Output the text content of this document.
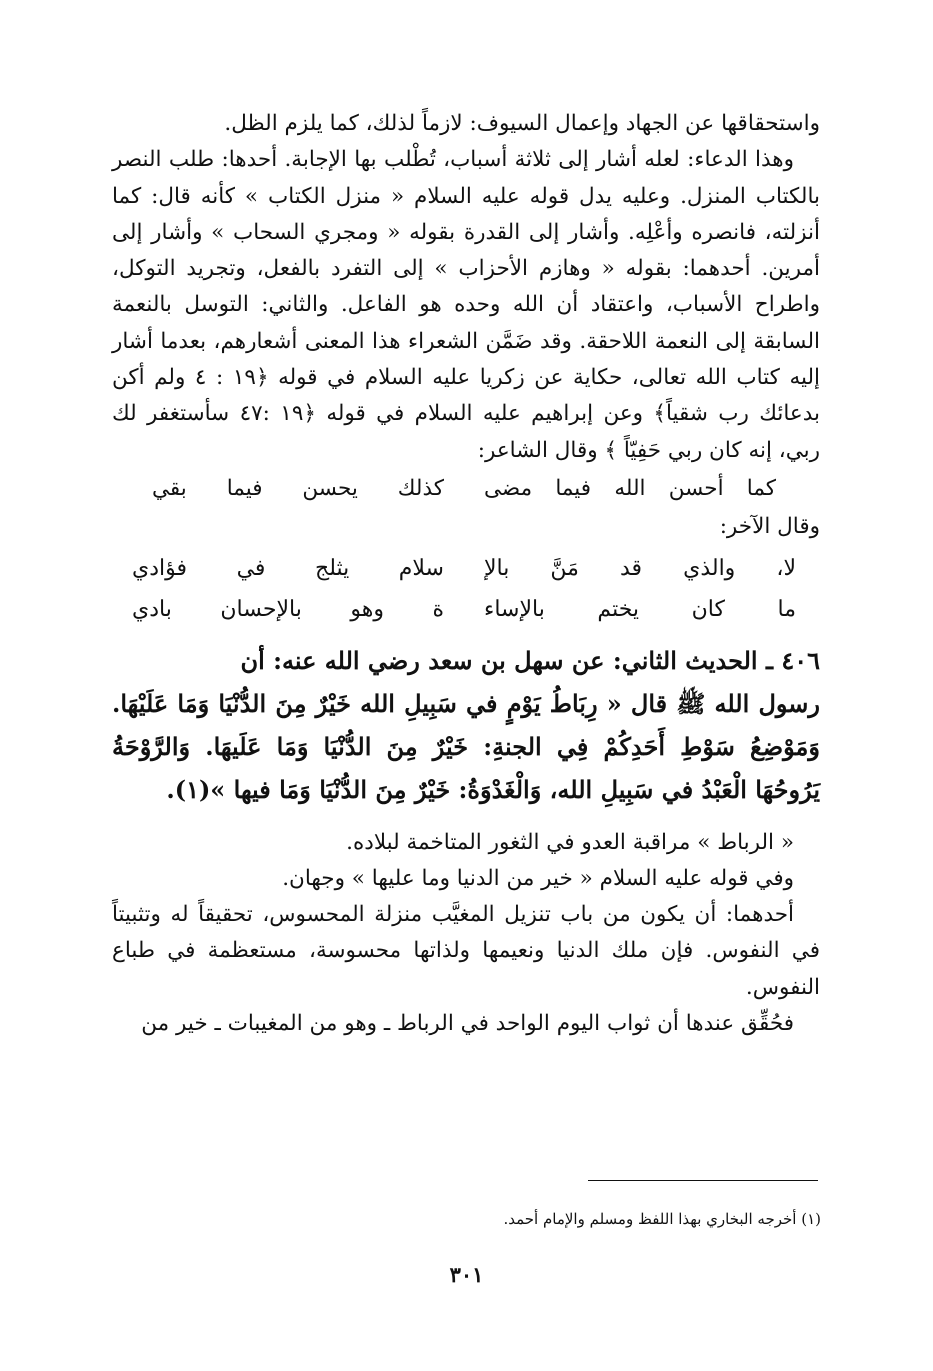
واستحقاقها عن الجهاد وإعمال السيوف: لازماً لذلك، كما يلزم الظل.

وهذا الدعاء: لعله أشار إلى ثلاثة أسباب، تُطْلب بها الإجابة. أحدها: طلب النصر بالكتاب المنزل. وعليه يدل قوله عليه السلام « منزل الكتاب » كأنه قال: كما أنزلته، فانصره وأعْلِه. وأشار إلى القدرة بقوله « ومجري السحاب » وأشار إلى أمرين. أحدهما: بقوله « وهازم الأحزاب » إلى التفرد بالفعل، وتجريد التوكل، واطراح الأسباب، واعتقاد أن الله وحده هو الفاعل. والثاني: التوسل بالنعمة السابقة إلى النعمة اللاحقة. وقد ضَمَّن الشعراء هذا المعنى أشعارهم، بعدما أشار إليه كتاب الله تعالى، حكاية عن زكريا عليه السلام في قوله ﴿١٩ : ٤ ولم أكن بدعائك رب شقياً﴾ وعن إبراهيم عليه السلام في قوله ﴿١٩ :٤٧ سأستغفر لك ربي، إنه كان ربي حَفِيّاً ﴾ وقال الشاعر:

كما أحسن الله فيما مضى
كذلك يحسن فيما بقي

وقال الآخر:

لا، والذي قد مَنَّ بالإ
سلام يثلج في فؤادي
ما كان يختم بالإساء
ة وهو بالإحسان بادي

٤٠٦ ـ الحديث الثاني: عن سهل بن سعد رضي الله عنه: أن

رسول الله ﷺ قال « رِبَاطُ يَوْمٍ في سَبِيلِ الله خَيْرٌ مِنَ الدُّنْيَا وَمَا عَلَيْهَا. وَمَوْضِعُ سَوْطِ أَحَدِكُمْ فِي الجنةِ: خَيْرٌ مِنَ الدُّنْيَا وَمَا عَلَيهَا. وَالرَّوْحَةُ يَرُوحُهَا الْعَبْدُ في سَبِيلِ الله، وَالْغَدْوَةُ: خَيْرٌ مِنَ الدُّنْيَا وَمَا فيها »(١).

« الرباط » مراقبة العدو في الثغور المتاخمة لبلاده.

وفي قوله عليه السلام « خير من الدنيا وما عليها » وجهان.

أحدهما: أن يكون من باب تنزيل المغيَّب منزلة المحسوس، تحقيقاً له وتثبيتاً في النفوس. فإن ملك الدنيا ونعيمها ولذاتها محسوسة، مستعظمة في طباع النفوس.

فحُقِّق عندها أن ثواب اليوم الواحد في الرباط ـ وهو من المغيبات ـ خير من

(١) أخرجه البخاري بهذا اللفظ ومسلم والإمام أحمد.
٣٠١
